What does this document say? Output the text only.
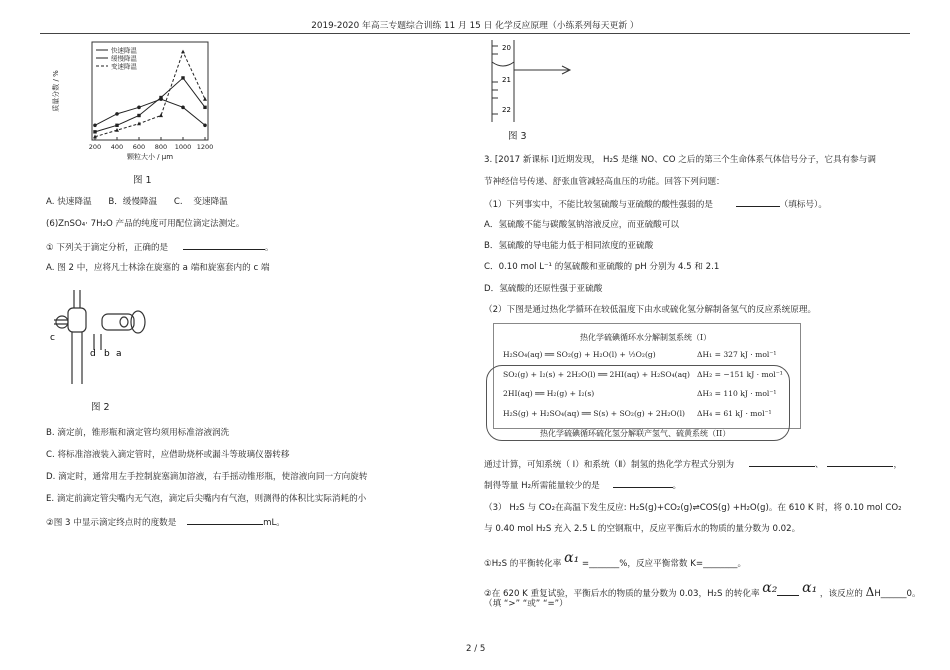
2019-2020 年高三专题综合训练 11 月 15 日 化学反应原理（小练系列每天更新 ）
200 400 600 800 1000 1200
颗粒大小 / μm
质量分数 / %
快速降温
缓慢降温
变速降温
图 1
A. 快速降温 B．缓慢降温 C. 变速降温
(6)ZnSO₄· 7H₂O 产品的纯度可用配位滴定法测定。
① 下列关于滴定分析，正确的是	。
A. 图 2 中，应将凡士林涂在旋塞的 a 端和旋塞套内的 c 端
c
d b a
图 2
B. 滴定前，锥形瓶和滴定管均须用标准溶液润洗
C. 将标准溶液装入滴定管时，应借助烧杯或漏斗等玻璃仪器转移
D. 滴定时，通常用左手控制旋塞滴加溶液，右手摇动锥形瓶，使溶液向同一方向旋转
E. 滴定前滴定管尖嘴内无气泡，滴定后尖嘴内有气泡，则测得的体积比实际消耗的小
②图 3 中显示滴定终点时的度数是	mL。
20
21
22
图 3
3. [2017 新课标 Ⅰ]近期发现， H₂S 是继 NO、CO 之后的第三个生命体系气体信号分子，它具有参与调
节神经信号传递、舒张血管减轻高血压的功能。回答下列问题：
（1）下列事实中，不能比较氢硫酸与亚硫酸的酸性强弱的是	（填标号）。
A．氢硫酸不能与碳酸氢钠溶液反应，而亚硫酸可以
B．氢硫酸的导电能力低于相同浓度的亚硫酸
C．0.10 mol L⁻¹ 的氢硫酸和亚硫酸的 pH 分别为 4.5 和 2.1
D．氢硫酸的还原性强于亚硫酸
（2）下图是通过热化学循环在较低温度下由水或硫化氢分解制备氢气的反应系统原理。
热化学硫碘循环水分解制氢系统（I）
H₂SO₄(aq) ══ SO₂(g) + H₂O(l) + ½O₂(g)	ΔH₁ = 327 kJ · mol⁻¹
SO₂(g) + I₂(s) + 2H₂O(l) ══ 2HI(aq) + H₂SO₄(aq) ΔH₂ = −151 kJ · mol⁻¹
2HI(aq) ══ H₂(g) + I₂(s)	ΔH₃ = 110 kJ · mol⁻¹
H₂S(g) + H₂SO₄(aq) ══ S(s) + SO₂(g) + 2H₂O(l) ΔH₄ = 61 kJ · mol⁻¹
热化学硫碘循环硫化氢分解联产氢气、硫黄系统（II）
通过计算，可知系统（ Ⅰ）和系统（Ⅱ）制氢的热化学方程式分别为	、	，
制得等量 H₂所需能量较少的是	。
（3） H₂S 与 CO₂在高温下发生反应: H₂S(g)+CO₂(g)⇌COS(g) +H₂O(g)。在 610 K 时，将 0.10 mol CO₂
与 0.40 mol H₂S 充入 2.5 L 的空钢瓶中，反应平衡后水的物质的量分数为 0.02。
①H₂S 的平衡转化率 α₁ =_______%，反应平衡常数 K=________。
②在 620 K 重复试验，平衡后水的物质的量分数为 0.03，H₂S 的转化率 α₂ α₁ ，该反应的 ΔH______0。
（填 “>” “或” “=”）
2 / 5
